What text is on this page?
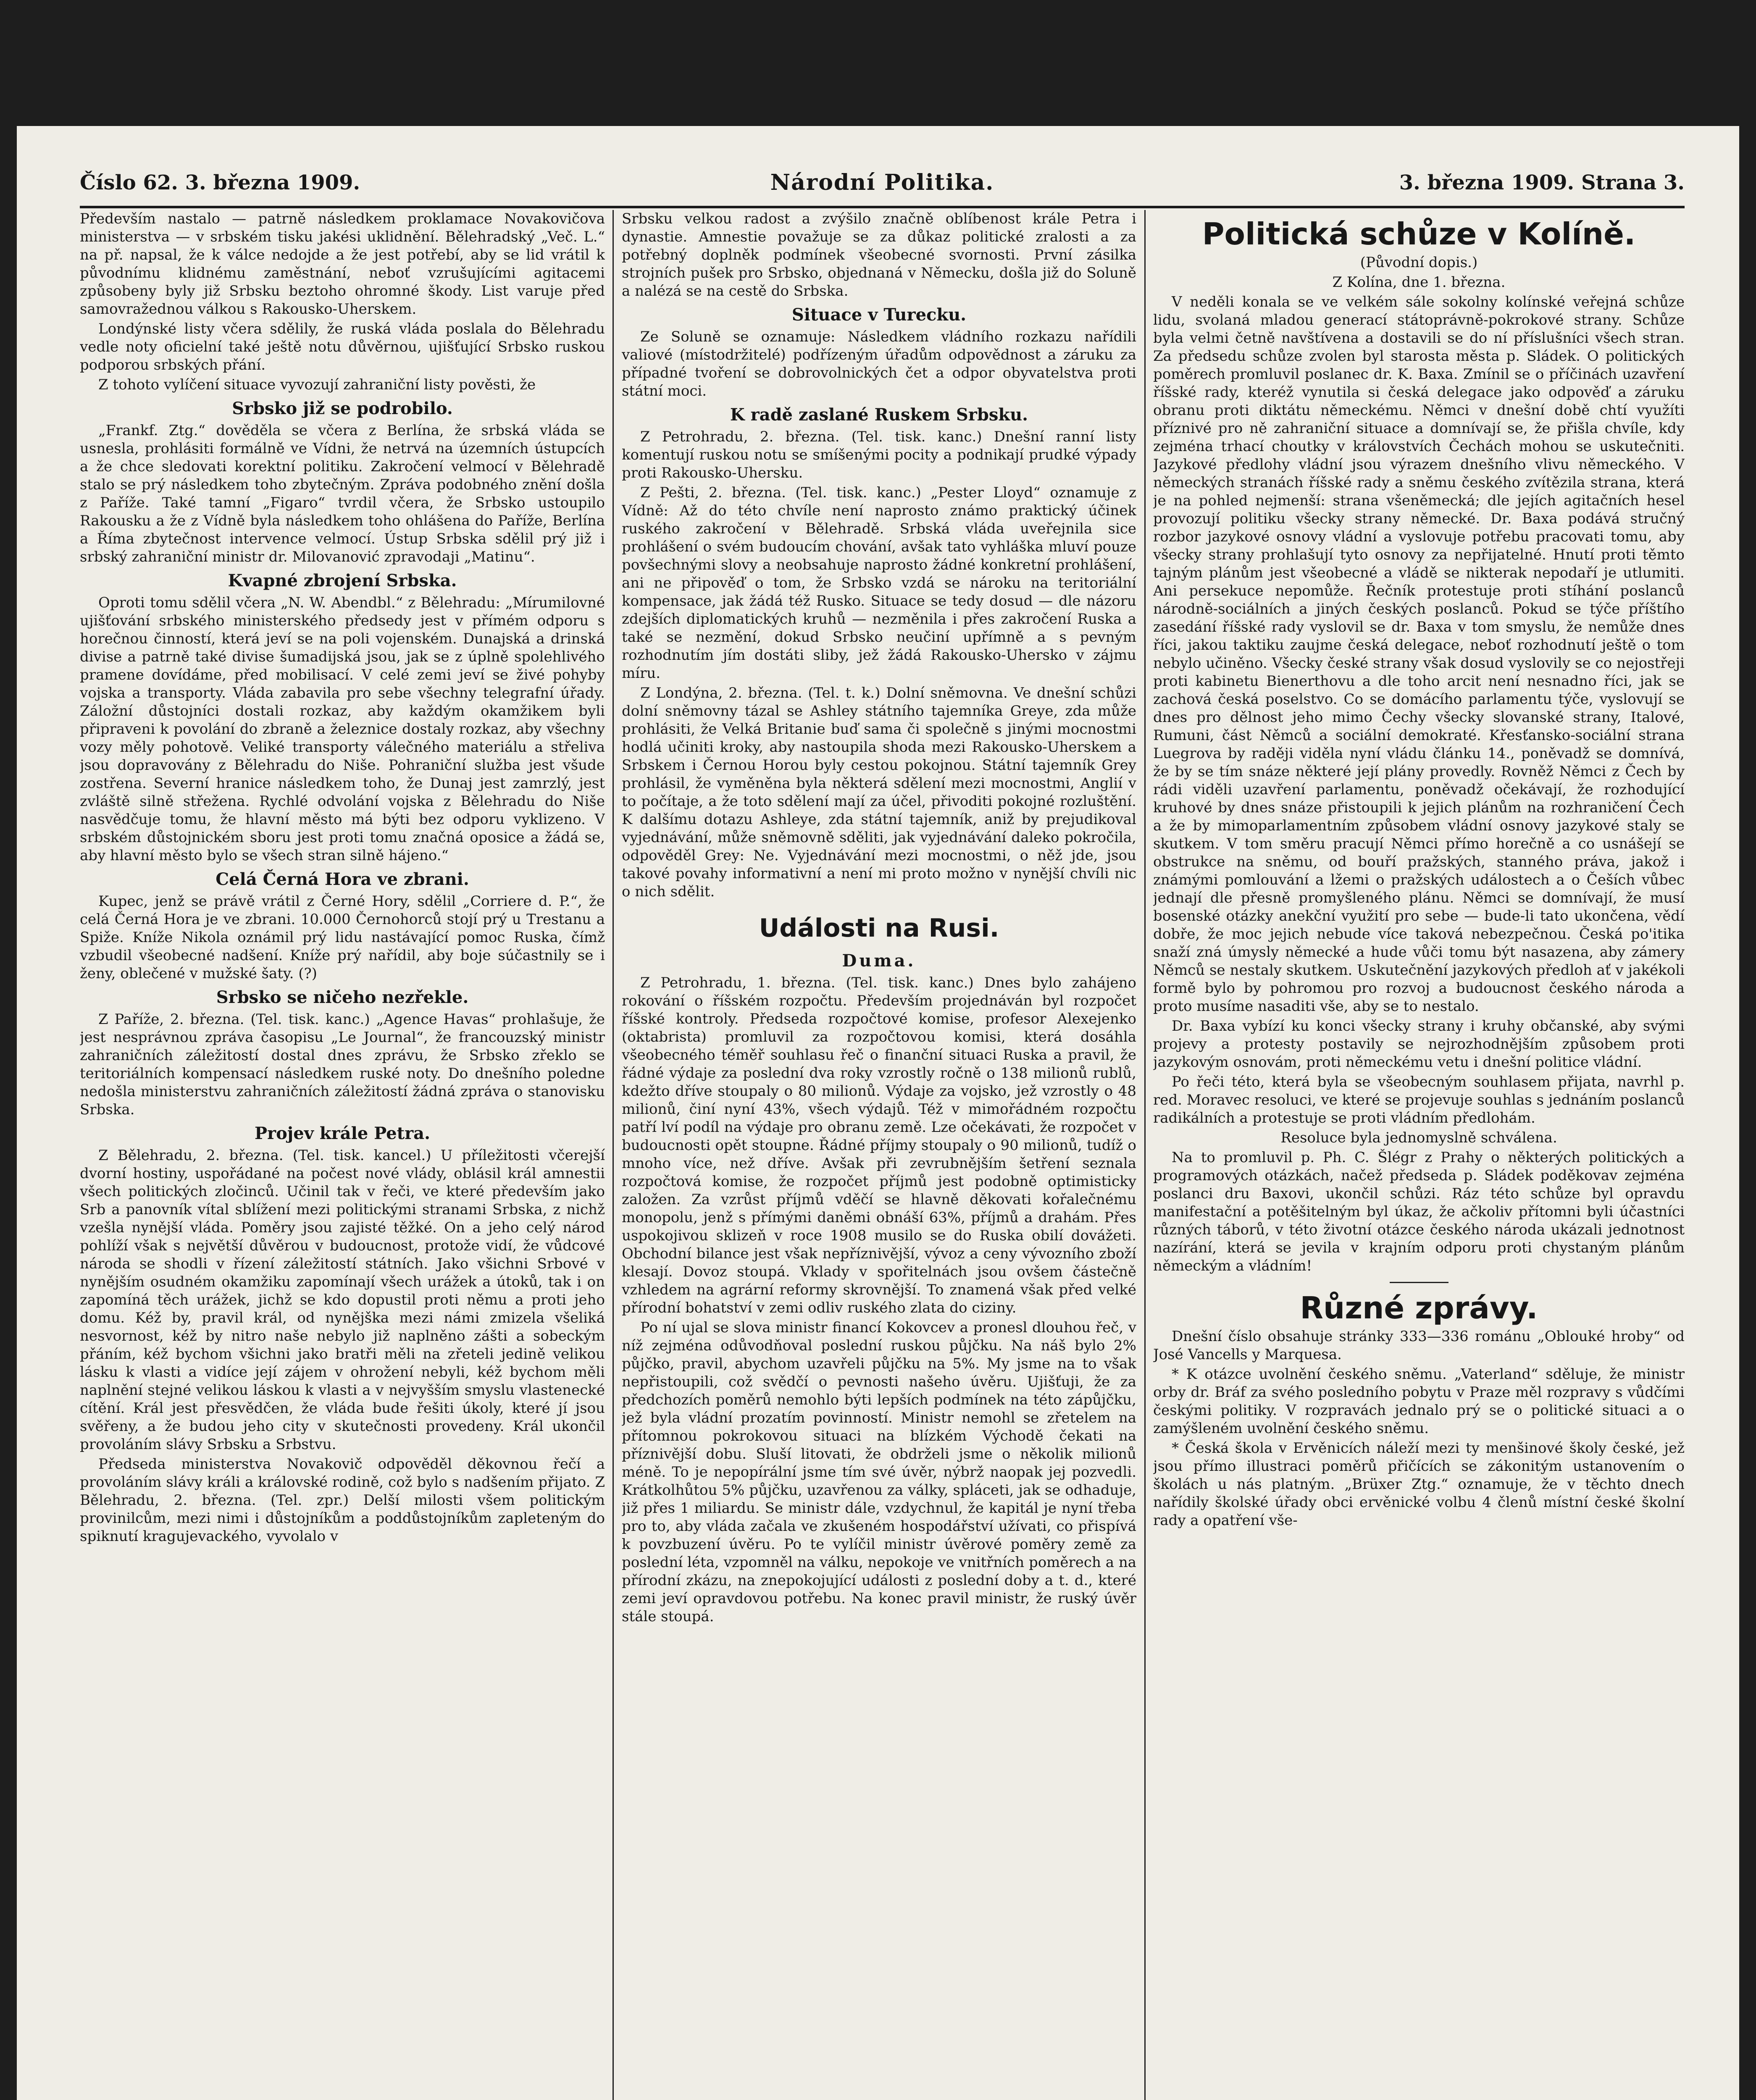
Číslo 62. 3. března 1909.	Národní Politika.	3. března 1909. Strana 3.

Především nastalo — patrně následkem proklamace Novakovičova ministerstva — v srbském tisku jakési uklidnění. Bělehradský „Več. L.“ na př. napsal, že k válce nedojde a že jest potřebí, aby se lid vrátil k původnímu klidnému zaměstnání, neboť vzrušujícími agitacemi způsobeny byly již Srbsku beztoho ohromné škody. List varuje před samovražednou válkou s Rakousko-Uherskem.

Londýnské listy včera sdělily, že ruská vláda poslala do Bělehradu vedle noty oficielní také ještě notu důvěrnou, ujišťující Srbsko ruskou podporou srbských přání.

Z tohoto vylíčení situace vyvozují zahraniční listy pověsti, že

Srbsko již se podrobilo.

„Frankf. Ztg.“ dověděla se včera z Berlína, že srbská vláda se usnesla, prohlásiti formálně ve Vídni, že netrvá na územních ústupcích a že chce sledovati korektní politiku. Zakročení velmocí v Bělehradě stalo se prý následkem toho zbytečným. Zpráva podobného znění došla z Paříže. Také tamní „Figaro“ tvrdil včera, že Srbsko ustoupilo Rakousku a že z Vídně byla následkem toho ohlášena do Paříže, Berlína a Říma zbytečnost intervence velmocí. Ústup Srbska sdělil prý již i srbský zahraniční ministr dr. Milovanović zpravodaji „Matinu“.

Kvapné zbrojení Srbska.

Oproti tomu sdělil včera „N. W. Abendbl.“ z Bělehradu: „Mírumilovné ujišťování srbského ministerského předsedy jest v přímém odporu s horečnou činností, která jeví se na poli vojenském. Dunajská a drinská divise a patrně také divise šumadijská jsou, jak se z úplně spolehlivého pramene dovídáme, před mobilisací. V celé zemi jeví se živé pohyby vojska a transporty. Vláda zabavila pro sebe všechny telegrafní úřady. Záložní důstojníci dostali rozkaz, aby každým okamžikem byli připraveni k povolání do zbraně a železnice dostaly rozkaz, aby všechny vozy měly pohotově. Veliké transporty válečného materiálu a střeliva jsou dopravovány z Bělehradu do Niše. Pohraniční služba jest všude zostřena. Severní hranice následkem toho, že Dunaj jest zamrzlý, jest zvláště silně střežena. Rychlé odvolání vojska z Bělehradu do Niše nasvědčuje tomu, že hlavní město má býti bez odporu vyklizeno. V srbském důstojnickém sboru jest proti tomu značná oposice a žádá se, aby hlavní město bylo se všech stran silně hájeno.“

Celá Černá Hora ve zbrani.

Kupec, jenž se právě vrátil z Černé Hory, sdělil „Corriere d. P.“, že celá Černá Hora je ve zbrani. 10.000 Černohorců stojí prý u Trestanu a Spiže. Kníže Nikola oznámil prý lidu nastávající pomoc Ruska, čímž vzbudil všeobecné nadšení. Kníže prý nařídil, aby boje súčastnily se i ženy, oblečené v mužské šaty. (?)

Srbsko se ničeho nezřekle.

Z Paříže, 2. března. (Tel. tisk. kanc.) „Agence Havas“ prohlašuje, že jest nesprávnou zpráva časopisu „Le Journal“, že francouzský ministr zahraničních záležitostí dostal dnes zprávu, že Srbsko zřeklo se teritoriálních kompensací následkem ruské noty. Do dnešního poledne nedošla ministerstvu zahraničních záležitostí žádná zpráva o stanovisku Srbska.

Projev krále Petra.

Z Bělehradu, 2. března. (Tel. tisk. kancel.) U příležitosti včerejší dvorní hostiny, uspořádané na počest nové vlády, oblásil král amnestii všech politických zločinců. Učinil tak v řeči, ve které především jako Srb a panovník vítal sblížení mezi politickými stranami Srbska, z nichž vzešla nynější vláda. Poměry jsou zajisté těžké. On a jeho celý národ pohlíží však s největší důvěrou v budoucnost, protože vidí, že vůdcové národa se shodli v řízení záležitostí státních. Jako všichni Srbové v nynějším osudném okamžiku zapomínají všech urážek a útoků, tak i on zapomíná těch urážek, jichž se kdo dopustil proti němu a proti jeho domu. Kéž by, pravil král, od nynějška mezi námi zmizela všeliká nesvornost, kéž by nitro naše nebylo již naplněno zášti a sobeckým přáním, kéž bychom všichni jako bratři měli na zřeteli jedině velikou lásku k vlasti a vidíce její zájem v ohrožení nebyli, kéž bychom měli naplnění stejné velikou láskou k vlasti a v nejvyšším smyslu vlastenecké cítění. Král jest přesvědčen, že vláda bude řešiti úkoly, které jí jsou svěřeny, a že budou jeho city v skutečnosti provedeny. Král ukončil provoláním slávy Srbsku a Srbstvu.

Předseda ministerstva Novakovič odpověděl děkovnou řečí a provoláním slávy králi a královské rodině, což bylo s nadšením přijato. Z Bělehradu, 2. března. (Tel. zpr.) Delší milosti všem politickým provinilcům, mezi nimi i důstojníkům a poddůstojníkům zapleteným do spiknutí kragujevackého, vyvolalo v

Srbsku velkou radost a zvýšilo značně oblíbenost krále Petra i dynastie. Amnestie považuje se za důkaz politické zralosti a za potřebný doplněk podmínek všeobecné svornosti. První zásilka strojních pušek pro Srbsko, objednaná v Německu, došla již do Soluně a nalézá se na cestě do Srbska.

Situace v Turecku.

Ze Soluně se oznamuje: Následkem vládního rozkazu nařídili valiové (místodržitelé) podřízeným úřadům odpovědnost a záruku za případné tvoření se dobrovolnických čet a odpor obyvatelstva proti státní moci.

K radě zaslané Ruskem Srbsku.

Z Petrohradu, 2. března. (Tel. tisk. kanc.) Dnešní ranní listy komentují ruskou notu se smíšenými pocity a podnikají prudké výpady proti Rakousko-Uhersku.

Z Pešti, 2. března. (Tel. tisk. kanc.) „Pester Lloyd“ oznamuje z Vídně: Až do této chvíle není naprosto známo praktický účinek ruského zakročení v Bělehradě. Srbská vláda uveřejnila sice prohlášení o svém budoucím chování, avšak tato vyhláška mluví pouze povšechnými slovy a neobsahuje naprosto žádné konkretní prohlášení, ani ne připověď o tom, že Srbsko vzdá se nároku na teritoriální kompensace, jak žádá též Rusko. Situace se tedy dosud — dle názoru zdejších diplomatických kruhů — nezměnila i přes zakročení Ruska a také se nezmění, dokud Srbsko neučiní upřímně a s pevným rozhodnutím jím dostáti sliby, jež žádá Rakousko-Uhersko v zájmu míru.

Z Londýna, 2. března. (Tel. t. k.) Dolní sněmovna. Ve dnešní schůzi dolní sněmovny tázal se Ashley státního tajemníka Greye, zda může prohlásiti, že Velká Britanie buď sama či společně s jinými mocnostmi hodlá učiniti kroky, aby nastoupila shoda mezi Rakousko-Uherskem a Srbskem i Černou Horou byly cestou pokojnou. Státní tajemník Grey prohlásil, že vyměněna byla některá sdělení mezi mocnostmi, Anglií v to počítaje, a že toto sdělení mají za účel, přivoditi pokojné rozluštění. K dalšímu dotazu Ashleye, zda státní tajemník, aniž by prejudikoval vyjednávání, může sněmovně sděliti, jak vyjednávání daleko pokročila, odpověděl Grey: Ne. Vyjednávání mezi mocnostmi, o něž jde, jsou takové povahy informativní a není mi proto možno v nynější chvíli nic o nich sdělit.

Události na Rusi.
Duma.

Z Petrohradu, 1. března. (Tel. tisk. kanc.) Dnes bylo zahájeno rokování o říšském rozpočtu. Především projednáván byl rozpočet říšské kontroly. Předseda rozpočtové komise, profesor Alexejenko (oktabrista) promluvil za rozpočtovou komisi, která dosáhla všeobecného téměř souhlasu řeč o finanční situaci Ruska a pravil, že řádné výdaje za poslední dva roky vzrostly ročně o 138 milionů rublů, kdežto dříve stoupaly o 80 milionů. Výdaje za vojsko, jež vzrostly o 48 milionů, činí nyní 43%, všech výdajů. Též v mimořádném rozpočtu patří lví podíl na výdaje pro obranu země. Lze očekávati, že rozpočet v budoucnosti opět stoupne. Řádné příjmy stoupaly o 90 milionů, tudíž o mnoho více, než dříve. Avšak při zevrubnějším šetření seznala rozpočtová komise, že rozpočet příjmů jest podobně optimisticky založen. Za vzrůst příjmů vděčí se hlavně děkovati kořalečnému monopolu, jenž s přímými daněmi obnáší 63%, příjmů a drahám. Přes uspokojivou sklizeň v roce 1908 musilo se do Ruska obilí dovážeti. Obchodní bilance jest však nepříznivější, vývoz a ceny vývozního zboží klesají. Dovoz stoupá. Vklady v spořitelnách jsou ovšem částečně vzhledem na agrární reformy skrovnější. To znamená však před velké přírodní bohatství v zemi odliv ruského zlata do ciziny.

Po ní ujal se slova ministr financí Kokovcev a pronesl dlouhou řeč, v níž zejména odůvodňoval poslední ruskou půjčku. Na náš bylo 2% půjčko, pravil, abychom uzavřeli půjčku na 5%. My jsme na to však nepřistoupili, což svědčí o pevnosti našeho úvěru. Ujišťuji, že za předchozích poměrů nemohlo býti lepších podmínek na této zápůjčku, jež byla vládní prozatím povinností. Ministr nemohl se zřetelem na přítomnou pokrokovou situaci na blízkém Východě čekati na příznivější dobu. Sluší litovati, že obdrželi jsme o několik milionů méně. To je nepopírální jsme tím své úvěr, nýbrž naopak jej pozvedli. Krátkolhůtou 5% půjčku, uzavřenou za války, spláceti, jak se odhaduje, již přes 1 miliardu. Se ministr dále, vzdychnul, že kapitál je nyní třeba pro to, aby vláda začala ve zkušeném hospodářství užívati, co přispívá k povzbuzení úvěru. Po te vylíčil ministr úvěrové poměry země za poslední léta, vzpomněl na válku, nepokoje ve vnitřních poměrech a na přírodní zkázu, na znepokojující události z poslední doby a t. d., které zemi jeví opravdovou potřebu. Na konec pravil ministr, že ruský úvěr stále stoupá.

Politická schůze v Kolíně.

(Původní dopis.)

Z Kolína, dne 1. března.

V neděli konala se ve velkém sále sokolny kolínské veřejná schůze lidu, svolaná mladou generací státoprávně-pokrokové strany. Schůze byla velmi četně navštívena a dostavili se do ní příslušníci všech stran. Za předsedu schůze zvolen byl starosta města p. Sládek. O politických poměrech promluvil poslanec dr. K. Baxa. Zmínil se o příčinách uzavření říšské rady, kteréž vynutila si česká delegace jako odpověď a záruku obranu proti diktátu německému. Němci v dnešní době chtí využíti příznivé pro ně zahraniční situace a domnívají se, že přišla chvíle, kdy zejména trhací choutky v královstvích Čechách mohou se uskutečniti. Jazykové předlohy vládní jsou výrazem dnešního vlivu německého. V německých stranách říšské rady a sněmu českého zvítězila strana, která je na pohled nejmenší: strana všeněmecká; dle jejích agitačních hesel provozují politiku všecky strany německé. Dr. Baxa podává stručný rozbor jazykové osnovy vládní a vyslovuje potřebu pracovati tomu, aby všecky strany prohlašují tyto osnovy za nepřijatelné. Hnutí proti těmto tajným plánům jest všeobecné a vládě se nikterak nepodaří je utlumiti. Ani persekuce nepomůže. Řečník protestuje proti stíhání poslanců národně-sociálních a jiných českých poslanců. Pokud se týče příštího zasedání říšské rady vyslovil se dr. Baxa v tom smyslu, že nemůže dnes říci, jakou taktiku zaujme česká delegace, neboť rozhodnutí ještě o tom nebylo učiněno. Všecky české strany však dosud vyslovily se co nejostřeji proti kabinetu Bienerthovu a dle toho arcit není nesnadno říci, jak se zachová česká poselstvo. Co se domácího parlamentu týče, vyslovují se dnes pro dělnost jeho mimo Čechy všecky slovanské strany, Italové, Rumuni, část Němců a sociální demokraté. Křesťansko-sociální strana Luegrova by raději viděla nyní vládu článku 14., poněvadž se domnívá, že by se tím snáze některé její plány provedly. Rovněž Němci z Čech by rádi viděli uzavření parlamentu, poněvadž očekávají, že rozhodující kruhové by dnes snáze přistoupili k jejich plánům na rozhraničení Čech a že by mimoparlamentním způsobem vládní osnovy jazykové staly se skutkem. V tom směru pracují Němci přímo horečně a co usnášejí se obstrukce na sněmu, od bouří pražských, stanného práva, jakož i známými pomlouvání a lžemi o pražských událostech a o Češích vůbec jednají dle přesně promyšleného plánu. Němci se domnívají, že musí bosenské otázky anekční využití pro sebe — bude-li tato ukončena, vědí dobře, že moc jejich nebude více taková nebezpečnou. Česká po'itika snaží zná úmysly německé a hude vůči tomu být nasazena, aby zámery Němců se nestaly skutkem. Uskutečnění jazykových předloh ať v jakékoli formě bylo by pohromou pro rozvoj a budoucnost českého národa a proto musíme nasaditi vše, aby se to nestalo.

Dr. Baxa vybízí ku konci všecky strany i kruhy občanské, aby svými projevy a protesty postavily se nejrozhodnějším způsobem proti jazykovým osnovám, proti německému vetu i dnešní politice vládní.

Po řeči této, která byla se všeobecným souhlasem přijata, navrhl p. red. Moravec resoluci, ve které se projevuje souhlas s jednáním poslanců radikálních a protestuje se proti vládním předlohám.

Resoluce byla jednomyslně schválena.

Na to promluvil p. Ph. C. Šlégr z Prahy o některých politických a programových otázkách, načež předseda p. Sládek poděkovav zejména poslanci dru Baxovi, ukončil schůzi. Ráz této schůze byl opravdu manifestační a potěšitelným byl úkaz, že ačkoliv přítomni byli účastníci různých táborů, v této životní otázce českého národa ukázali jednotnost nazírání, která se jevila v krajním odporu proti chystaným plánům německým a vládním!

Různé zprávy.

Dnešní číslo obsahuje stránky 333—336 románu „Oblouké hroby“ od José Vancells y Marquesa.

* K otázce uvolnění českého sněmu. „Vaterland“ sděluje, že ministr orby dr. Bráf za svého posledního pobytu v Praze měl rozpravy s vůdčími českými politiky. V rozpravách jednalo prý se o politické situaci a o zamýšleném uvolnění českého sněmu.

* Česká škola v Ervěnicích náleží mezi ty menšinové školy české, jež jsou přímo illustraci poměrů přičících se zákonitým ustanovením o školách u nás platným. „Brüxer Ztg.“ oznamuje, že v těchto dnech nařídily školské úřady obci ervěnické volbu 4 členů místní české školní rady a opatření vše-
